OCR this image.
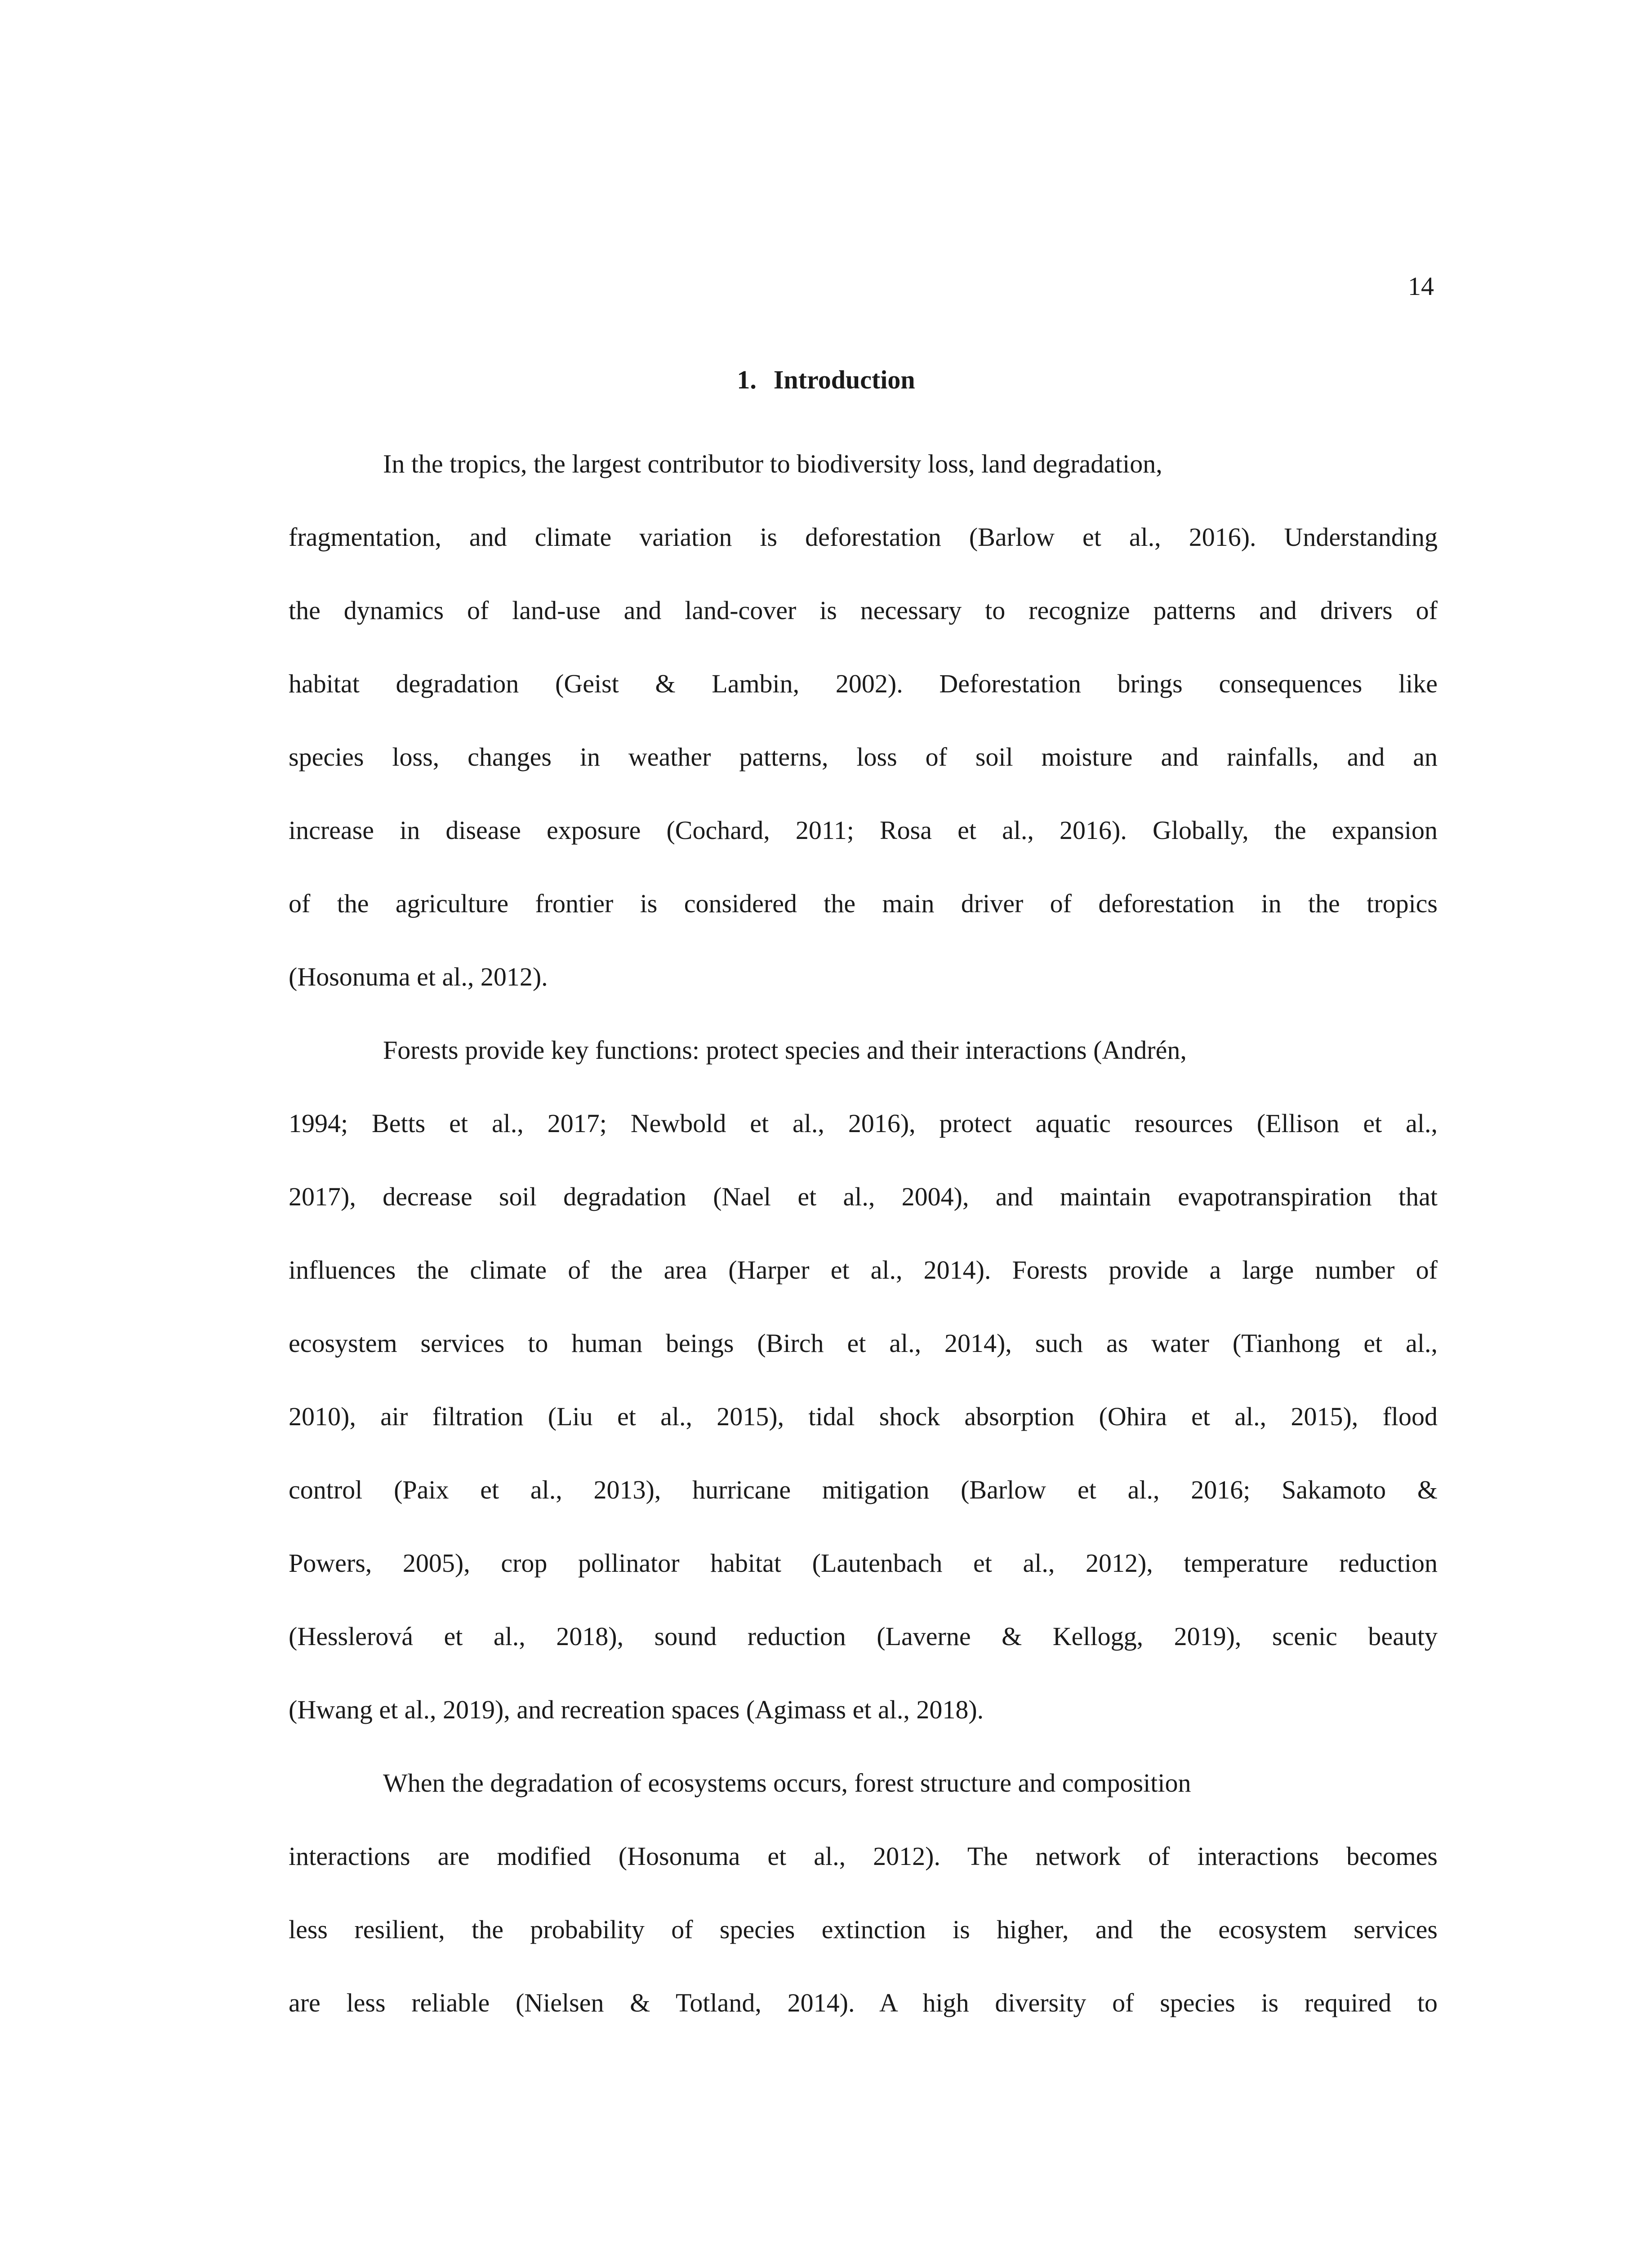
14
1. Introduction
In the tropics, the largest contributor to biodiversity loss, land degradation,
fragmentation, and climate variation is deforestation (Barlow et al., 2016). Understanding
the dynamics of land-use and land-cover is necessary to recognize patterns and drivers of
habitat degradation (Geist & Lambin, 2002). Deforestation brings consequences like
species loss, changes in weather patterns, loss of soil moisture and rainfalls, and an
increase in disease exposure (Cochard, 2011; Rosa et al., 2016). Globally, the expansion
of the agriculture frontier is considered the main driver of deforestation in the tropics
(Hosonuma et al., 2012).
Forests provide key functions: protect species and their interactions (Andrén,
1994; Betts et al., 2017; Newbold et al., 2016), protect aquatic resources (Ellison et al.,
2017), decrease soil degradation (Nael et al., 2004), and maintain evapotranspiration that
influences the climate of the area (Harper et al., 2014). Forests provide a large number of
ecosystem services to human beings (Birch et al., 2014), such as water (Tianhong et al.,
2010), air filtration (Liu et al., 2015), tidal shock absorption (Ohira et al., 2015), flood
control (Paix et al., 2013), hurricane mitigation (Barlow et al., 2016; Sakamoto &
Powers, 2005), crop pollinator habitat (Lautenbach et al., 2012), temperature reduction
(Hesslerová et al., 2018), sound reduction (Laverne & Kellogg, 2019), scenic beauty
(Hwang et al., 2019), and recreation spaces (Agimass et al., 2018).
When the degradation of ecosystems occurs, forest structure and composition
interactions are modified (Hosonuma et al., 2012). The network of interactions becomes
less resilient, the probability of species extinction is higher, and the ecosystem services
are less reliable (Nielsen & Totland, 2014). A high diversity of species is required to
